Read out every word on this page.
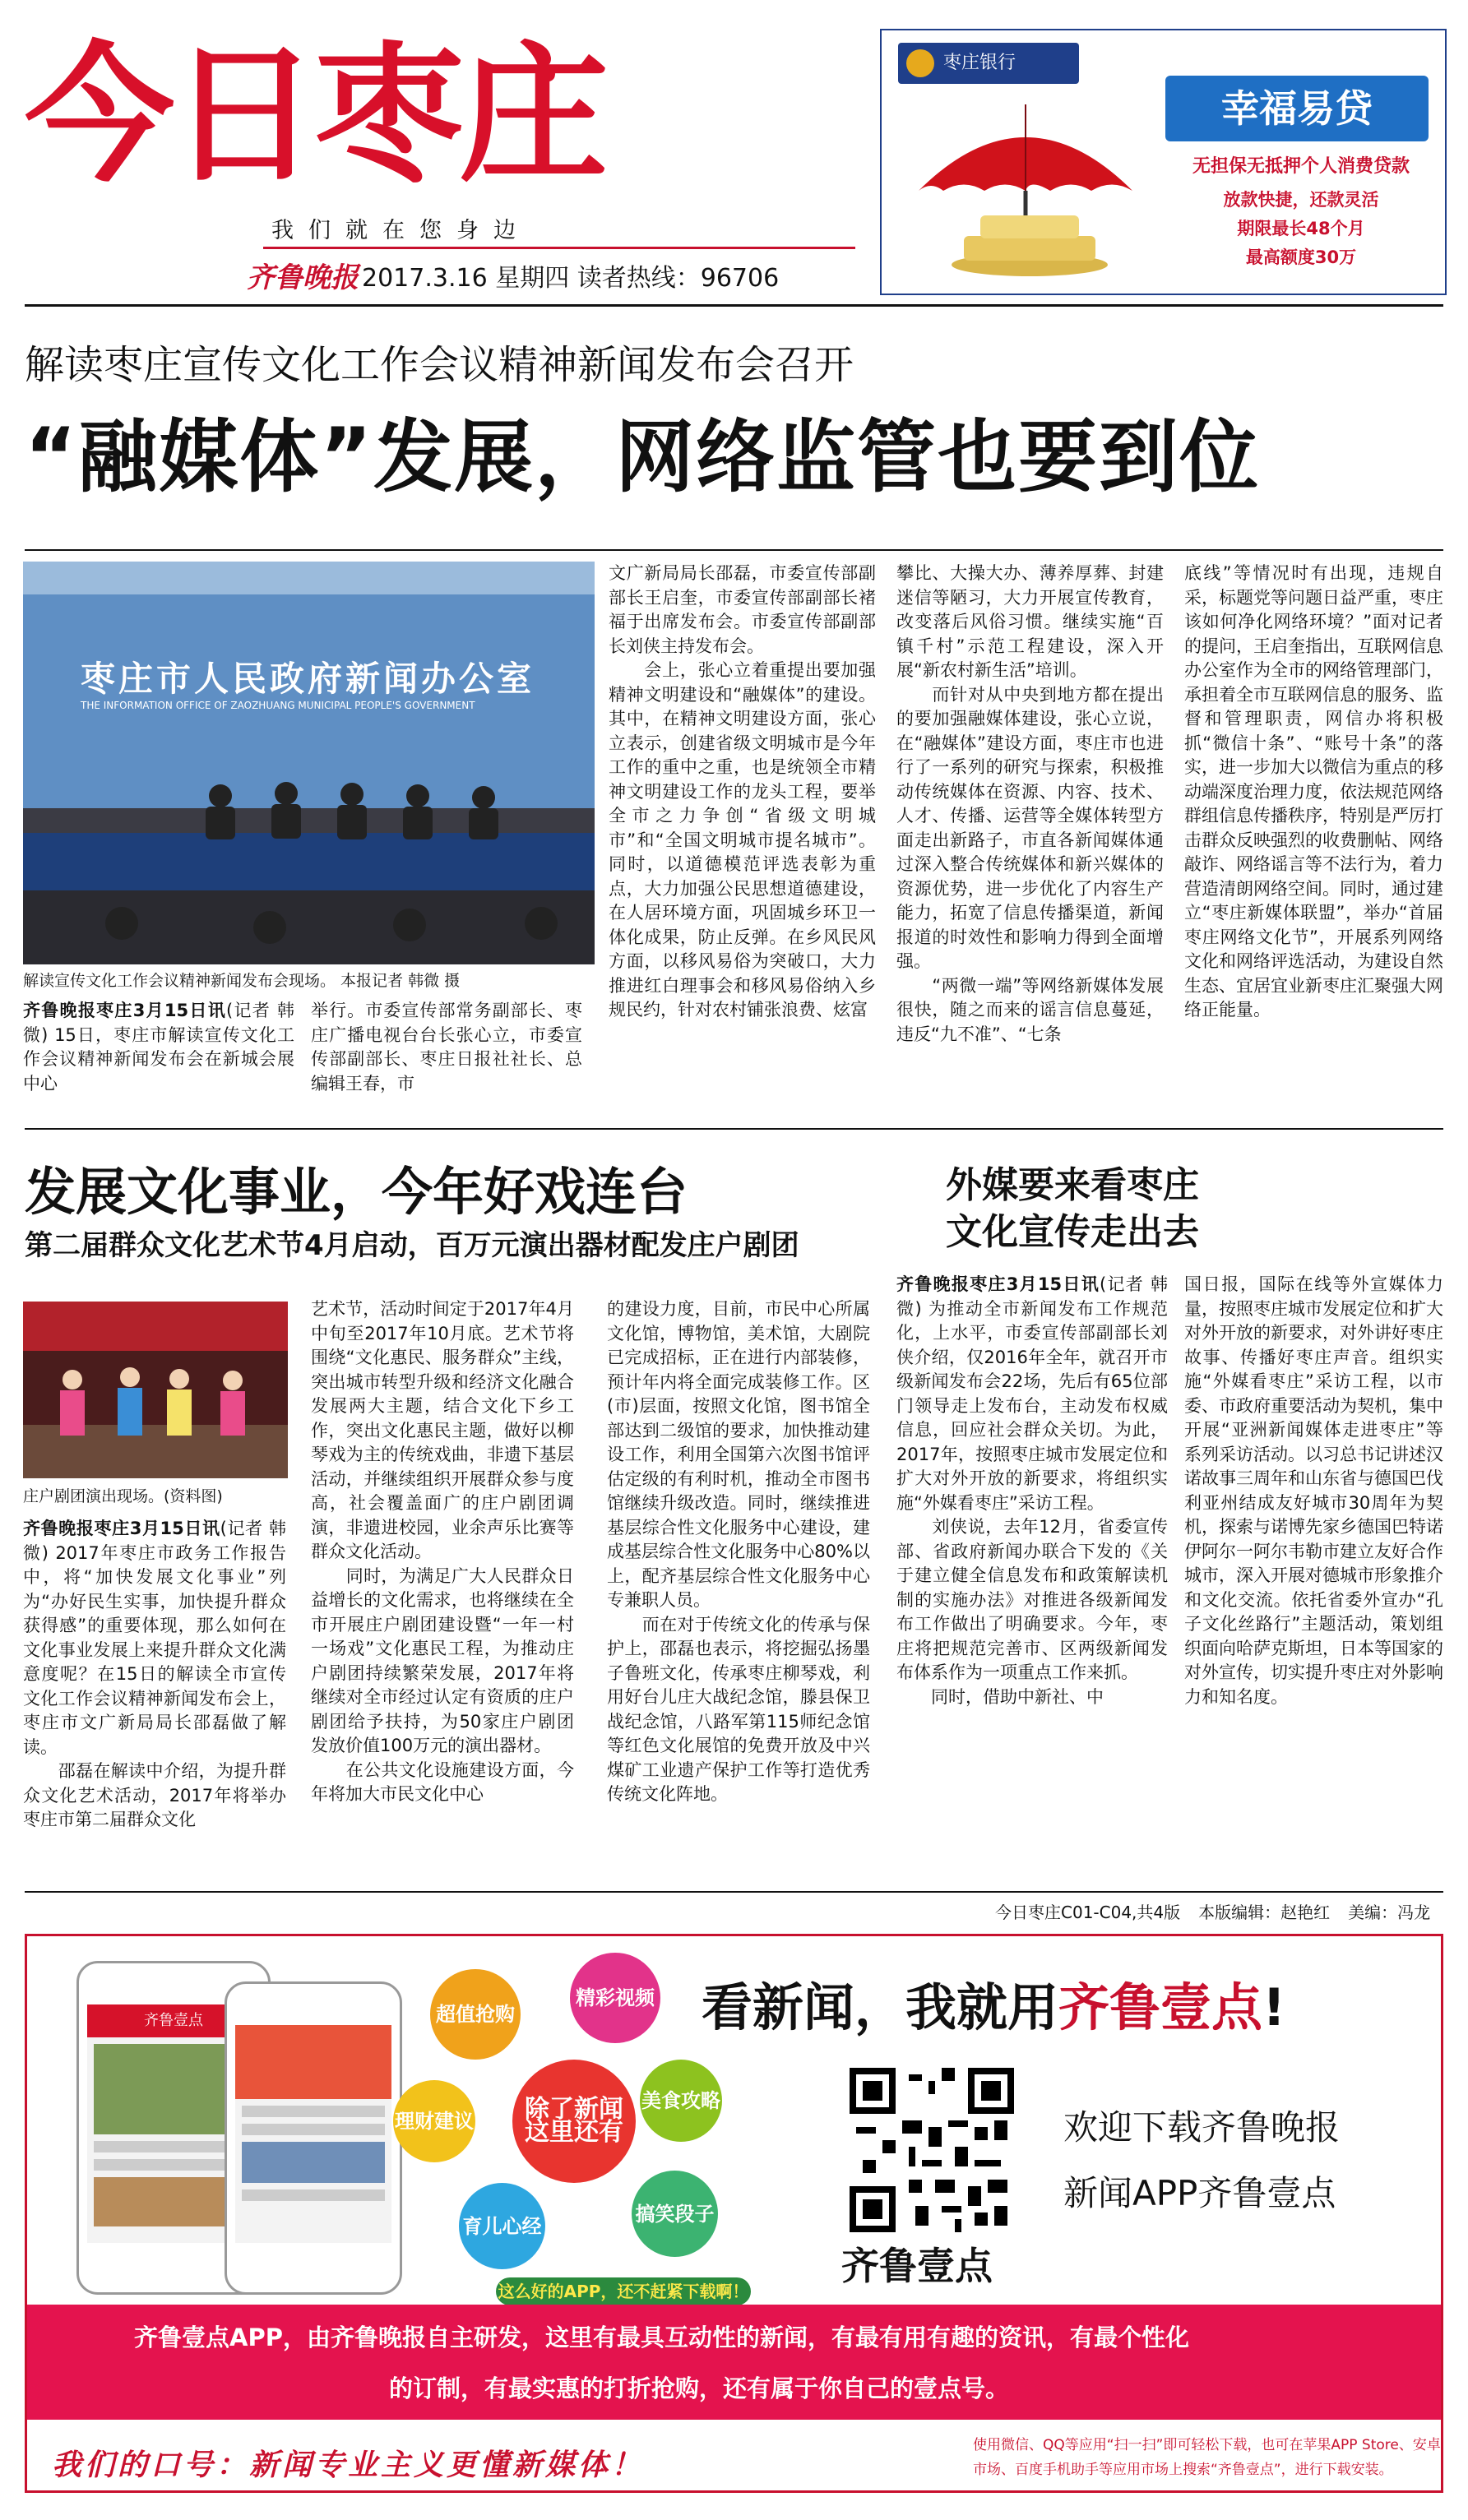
今日枣庄
我们就在您身边
齐鲁晚报 2017.3.16 星期四 读者热线：96706
枣庄银行
幸福易贷
无担保无抵押个人消费贷款
放款快捷，还款灵活
期限最长48个月
最高额度30万
解读枣庄宣传文化工作会议精神新闻发布会召开
“融媒体”发展，网络监管也要到位
枣庄市人民政府新闻办公室
THE INFORMATION OFFICE OF ZAOZHUANG MUNICIPAL PEOPLE'S GOVERNMENT
解读宣传文化工作会议精神新闻发布会现场。 本报记者 韩微 摄
齐鲁晚报枣庄3月15日讯(记者 韩微) 15日，枣庄市解读宣传文化工作会议精神新闻发布会在新城会展中心
举行。市委宣传部常务副部长、枣庄广播电视台台长张心立，市委宣传部副部长、枣庄日报社社长、总编辑王春，市
文广新局局长邵磊，市委宣传部副部长王启奎，市委宣传部副部长褚福于出席发布会。市委宣传部副部长刘侠主持发布会。
　　会上，张心立着重提出要加强精神文明建设和“融媒体”的建设。其中，在精神文明建设方面，张心立表示，创建省级文明城市是今年工作的重中之重，也是统领全市精神文明建设工作的龙头工程，要举全市之力争创“省级文明城市”和“全国文明城市提名城市”。同时，以道德模范评选表彰为重点，大力加强公民思想道德建设，在人居环境方面，巩固城乡环卫一体化成果，防止反弹。在乡风民风方面，以移风易俗为突破口，大力推进红白理事会和移风易俗纳入乡规民约，针对农村铺张浪费、炫富
攀比、大操大办、薄养厚葬、封建迷信等陋习，大力开展宣传教育，改变落后风俗习惯。继续实施“百镇千村”示范工程建设，深入开展“新农村新生活”培训。
　　而针对从中央到地方都在提出的要加强融媒体建设，张心立说，在“融媒体”建设方面，枣庄市也进行了一系列的研究与探索，积极推动传统媒体在资源、内容、技术、人才、传播、运营等全媒体转型方面走出新路子，市直各新闻媒体通过深入整合传统媒体和新兴媒体的资源优势，进一步优化了内容生产能力，拓宽了信息传播渠道，新闻报道的时效性和影响力得到全面增强。
　　“两微一端”等网络新媒体发展很快，随之而来的谣言信息蔓延，违反“九不准”、“七条
底线”等情况时有出现，违规自采，标题党等问题日益严重，枣庄该如何净化网络环境？”面对记者的提问，王启奎指出，互联网信息办公室作为全市的网络管理部门，承担着全市互联网信息的服务、监督和管理职责，网信办将积极抓“微信十条”、“账号十条”的落实，进一步加大以微信为重点的移动端深度治理力度，依法规范网络群组信息传播秩序，特别是严厉打击群众反映强烈的收费删帖、网络敲诈、网络谣言等不法行为，着力营造清朗网络空间。同时，通过建立“枣庄新媒体联盟”，举办“首届枣庄网络文化节”，开展系列网络文化和网络评选活动，为建设自然生态、宜居宜业新枣庄汇聚强大网络正能量。
发展文化事业，今年好戏连台
第二届群众文化艺术节4月启动，百万元演出器材配发庄户剧团
庄户剧团演出现场。(资料图)
齐鲁晚报枣庄3月15日讯(记者 韩微) 2017年枣庄市政务工作报告中，将“加快发展文化事业”列为“办好民生实事，加快提升群众获得感”的重要体现，那么如何在文化事业发展上来提升群众文化满意度呢？在15日的解读全市宣传文化工作会议精神新闻发布会上，枣庄市文广新局局长邵磊做了解读。
　　邵磊在解读中介绍，为提升群众文化艺术活动，2017年将举办枣庄市第二届群众文化
艺术节，活动时间定于2017年4月中旬至2017年10月底。艺术节将围绕“文化惠民、服务群众”主线，突出城市转型升级和经济文化融合发展两大主题，结合文化下乡工作，突出文化惠民主题，做好以柳琴戏为主的传统戏曲，非遗下基层活动，并继续组织开展群众参与度高，社会覆盖面广的庄户剧团调演，非遗进校园，业余声乐比赛等群众文化活动。
　　同时，为满足广大人民群众日益增长的文化需求，也将继续在全市开展庄户剧团建设暨“一年一村一场戏”文化惠民工程，为推动庄户剧团持续繁荣发展，2017年将继续对全市经过认定有资质的庄户剧团给予扶持，为50家庄户剧团发放价值100万元的演出器材。
　　在公共文化设施建设方面，今年将加大市民文化中心
的建设力度，目前，市民中心所属文化馆，博物馆，美术馆，大剧院已完成招标，正在进行内部装修，预计年内将全面完成装修工作。区(市)层面，按照文化馆，图书馆全部达到二级馆的要求，加快推动建设工作，利用全国第六次图书馆评估定级的有利时机，推动全市图书馆继续升级改造。同时，继续推进基层综合性文化服务中心建设，建成基层综合性文化服务中心80%以上，配齐基层综合性文化服务中心专兼职人员。
　　而在对于传统文化的传承与保护上，邵磊也表示，将挖掘弘扬墨子鲁班文化，传承枣庄柳琴戏，利用好台儿庄大战纪念馆，滕县保卫战纪念馆，八路军第115师纪念馆等红色文化展馆的免费开放及中兴煤矿工业遗产保护工作等打造优秀传统文化阵地。
外媒要来看枣庄
文化宣传走出去
齐鲁晚报枣庄3月15日讯(记者 韩微) 为推动全市新闻发布工作规范化，上水平，市委宣传部副部长刘侠介绍，仅2016年全年，就召开市级新闻发布会22场，先后有65位部门领导走上发布台，主动发布权威信息，回应社会群众关切。为此，2017年，按照枣庄城市发展定位和扩大对外开放的新要求，将组织实施“外媒看枣庄”采访工程。
　　刘侠说，去年12月，省委宣传部、省政府新闻办联合下发的《关于建立健全信息发布和政策解读机制的实施办法》对推进各级新闻发布工作做出了明确要求。今年，枣庄将把规范完善市、区两级新闻发布体系作为一项重点工作来抓。
　　同时，借助中新社、中
国日报，国际在线等外宣媒体力量，按照枣庄城市发展定位和扩大对外开放的新要求，对外讲好枣庄故事、传播好枣庄声音。组织实施“外媒看枣庄”采访工程，以市委、市政府重要活动为契机，集中开展“亚洲新闻媒体走进枣庄”等系列采访活动。以习总书记讲述汉诺故事三周年和山东省与德国巴伐利亚州结成友好城市30周年为契机，探索与诺博先家乡德国巴特诺伊阿尔一阿尔韦勒市建立友好合作城市，深入开展对德城市形象推介和文化交流。依托省委外宣办“孔子文化丝路行”主题活动，策划组织面向哈萨克斯坦，日本等国家的对外宣传，切实提升枣庄对外影响力和知名度。
今日枣庄C01-C04,共4版 本版编辑：赵艳红 美编：冯龙
齐鲁壹点	超值抢购
精彩视频
除了新闻 这里还有
美食攻略
理财建议
育儿心经
搞笑段子
这么好的APP，还不赶紧下载啊！
看新闻，我就用齐鲁壹点!
齐鲁壹点
欢迎下载齐鲁晚报
新闻APP齐鲁壹点
齐鲁壹点APP，由齐鲁晚报自主研发，这里有最具互动性的新闻，有最有用有趣的资讯，有最个性化
的订制，有最实惠的打折抢购，还有属于你自己的壹点号。
我们的口号：新闻专业主义更懂新媒体！
使用微信、QQ等应用“扫一扫”即可轻松下载，也可在苹果APP Store、安卓
市场、百度手机助手等应用市场上搜索“齐鲁壹点”，进行下载安装。
